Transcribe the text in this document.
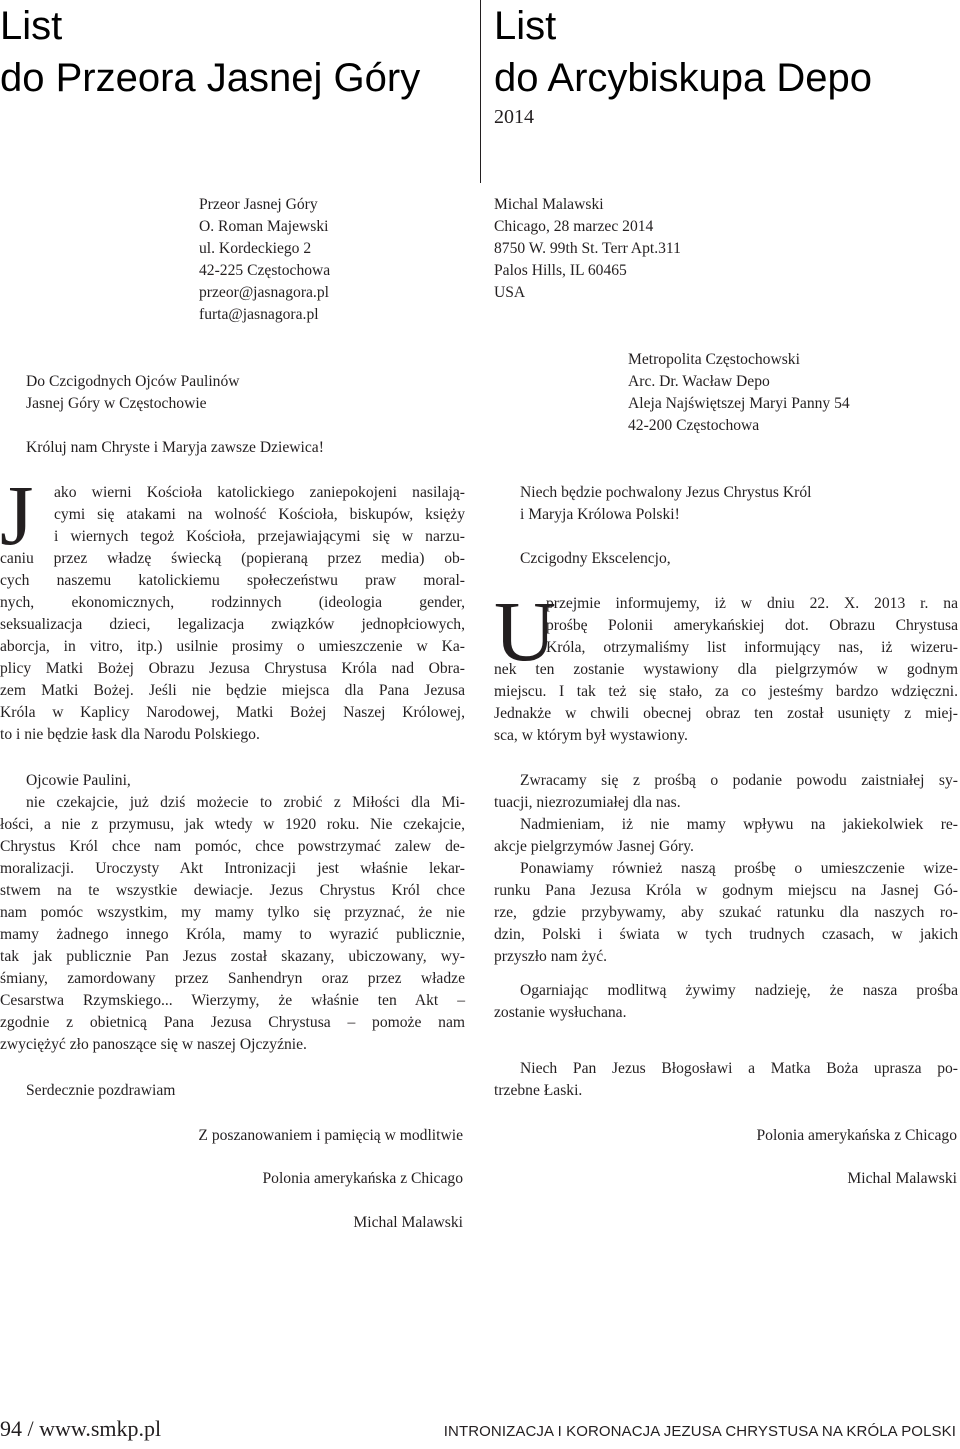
List
do Przeora Jasnej Góry
List
do Arcybiskupa Depo
2014
Przeor Jasnej Góry
O. Roman Majewski
ul. Kordeckiego 2
42-225 Częstochowa
przeor@jasnagora.pl
furta@jasnagora.pl
Do Czcigodnych Ojców Paulinów
Jasnej Góry w Częstochowie
Króluj nam Chryste i Maryja zawsze Dziewica!
J	ako wierni Kościoła katolickiego zaniepokojeni nasilają-
cymi się atakami na wolność Kościoła, biskupów, księży
i wiernych tegoż Kościoła, przejawiającymi się w narzu-
caniu przez władzę świecką (popieraną przez media) ob-
cych naszemu katolickiemu społeczeństwu praw moral-
nych, ekonomicznych, rodzinnych (ideologia gender,
seksualizacja dzieci, legalizacja związków jednopłciowych,
aborcja, in vitro, itp.) usilnie prosimy o umieszczenie w Ka-
plicy Matki Bożej Obrazu Jezusa Chrystusa Króla nad Obra-
zem Matki Bożej. Jeśli nie będzie miejsca dla Pana Jezusa
Króla w Kaplicy Narodowej, Matki Bożej Naszej Królowej,
to i nie będzie łask dla Narodu Polskiego.
Ojcowie Paulini,
nie czekajcie, już dziś możecie to zrobić z Miłości dla Mi-
łości, a nie z przymusu, jak wtedy w 1920 roku. Nie czekajcie,
Chrystus Król chce nam pomóc, chce powstrzymać zalew de-
moralizacji. Uroczysty Akt Intronizacji jest właśnie lekar-
stwem na te wszystkie dewiacje. Jezus Chrystus Król chce
nam pomóc wszystkim, my mamy tylko się przyznać, że nie
mamy żadnego innego Króla, mamy to wyrazić publicznie,
tak jak publicznie Pan Jezus został skazany, ubiczowany, wy-
śmiany, zamordowany przez Sanhendryn oraz przez władze
Cesarstwa Rzymskiego... Wierzymy, że właśnie ten Akt –
zgodnie z obietnicą Pana Jezusa Chrystusa – pomoże nam
zwyciężyć zło panoszące się w naszej Ojczyźnie.
Serdecznie pozdrawiam
Z poszanowaniem i pamięcią w modlitwie
Polonia amerykańska z Chicago
Michal Malawski
Michal Malawski
Chicago, 28 marzec 2014
8750 W. 99th St. Terr Apt.311
Palos Hills, IL 60465
USA
Metropolita Częstochowski
Arc. Dr. Wacław Depo
Aleja Najświętszej Maryi Panny 54
42-200 Częstochowa
Niech będzie pochwalony Jezus Chrystus Król
i Maryja Królowa Polski!
Czcigodny Ekscelencjo,
U
przejmie informujemy, iż w dniu 22. X. 2013 r. na
prośbę Polonii amerykańskiej dot. Obrazu Chrystusa
Króla, otrzymaliśmy list informujący nas, iż wizeru-
nek ten zostanie wystawiony dla pielgrzymów w godnym
miejscu. I tak też się stało, za co jesteśmy bardzo wdzięczni.
Jednakże w chwili obecnej obraz ten został usunięty z miej-
sca, w którym był wystawiony.
Zwracamy się z prośbą o podanie powodu zaistniałej sy-
tuacji, niezrozumiałej dla nas.
Nadmieniam, iż nie mamy wpływu na jakiekolwiek re-
akcje pielgrzymów Jasnej Góry.
Ponawiamy również naszą prośbę o umieszczenie wize-
runku Pana Jezusa Króla w godnym miejscu na Jasnej Gó-
rze, gdzie przybywamy, aby szukać ratunku dla naszych ro-
dzin, Polski i świata w tych trudnych czasach, w jakich
przyszło nam żyć.
Ogarniając modlitwą żywimy nadzieję, że nasza prośba
zostanie wysłuchana.
Niech Pan Jezus Błogosławi a Matka Boża uprasza po-
trzebne Łaski.
Polonia amerykańska z Chicago
Michal Malawski
94 / www.smkp.pl	INTRONIZACJA I KORONACJA JEZUSA CHRYSTUSA NA KRÓLA POLSKI
